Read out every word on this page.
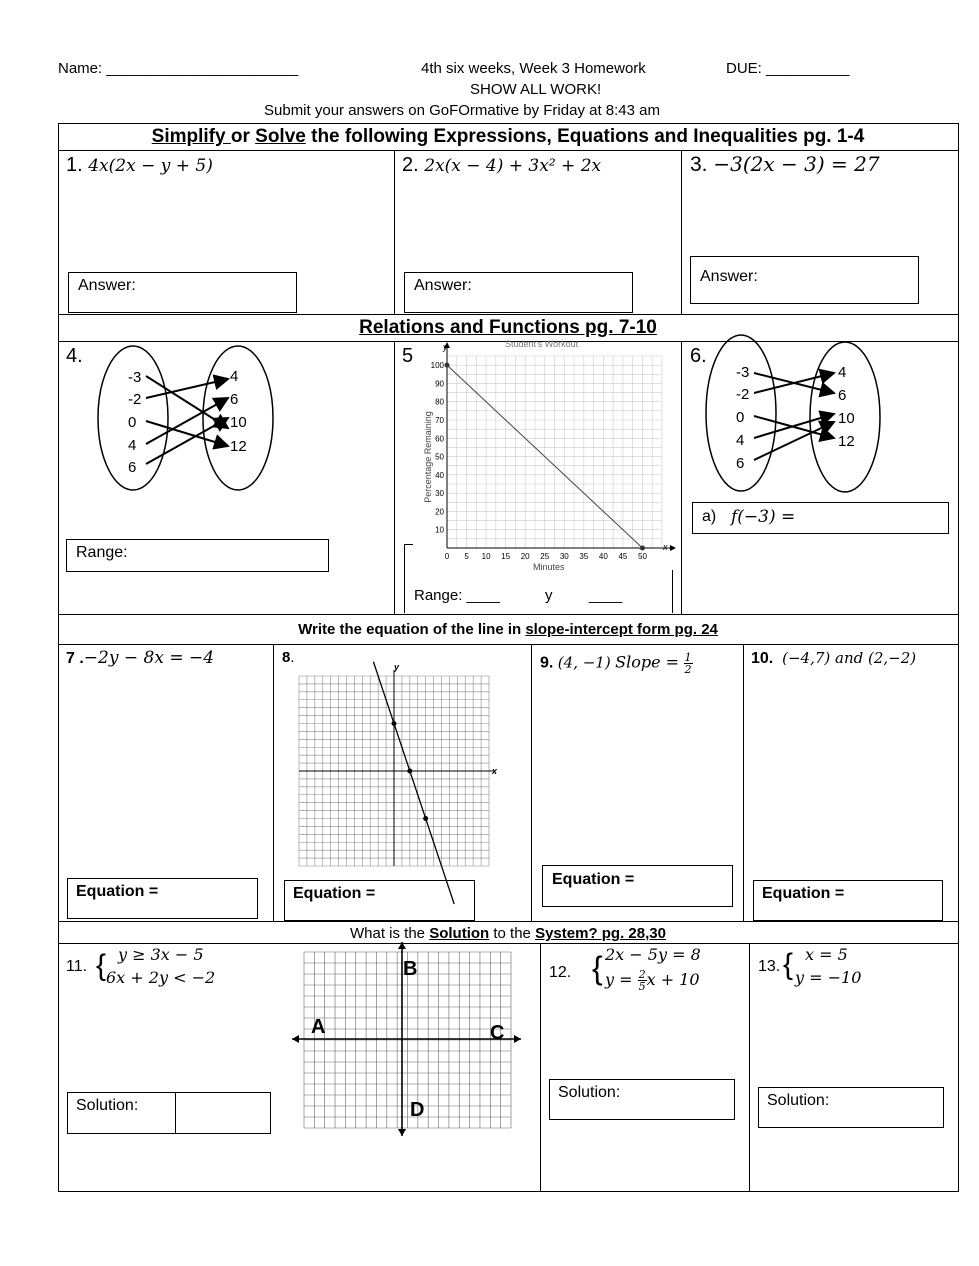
Name: _______________________	4th six weeks, Week 3 Homework	DUE: __________
SHOW ALL WORK!
Submit your answers on GoFOrmative by Friday at 8:43 am
Simplify or Solve the following Expressions, Equations and Inequalities pg. 1-4
1. 4x(2x − y + 5)	2. 2x(x − 4) + 3x² + 2x	3. −3(2x − 3) = 27
Answer:	Answer:
Answer:
Relations and Functions pg. 7-10
4.
-3
-2
0
4
6
4
6
10
12
Range:
5
Student's Workout
0 5 10 15 20 25 30 35 40 45 50
10
20
30
40
50
60
70
80
90
100
Minutes
Percentage Remaining
y
x
Range: ____	y ____
6.
-3
-2
0
4
6
4
6
10
12
a) f(−3) =
Write the equation of the line in slope-intercept form pg. 24
7 .−2y − 8x = −4	8.	9. (4, −1) Slope = $\frac{1}{2}$	10. (−4,7) and (2,−2)
y
x
Equation =	Equation =
Equation =
Equation =
What is the Solution to the System? pg. 28,30
11. { y ≥ 3x − 5
6x + 2y < −2	B
A	C
D
Solution:
12. { 2x − 5y = 8
$y = \frac{2}{5}$ x + 10
Solution:
13. { x = 5
y = −10
Solution:
